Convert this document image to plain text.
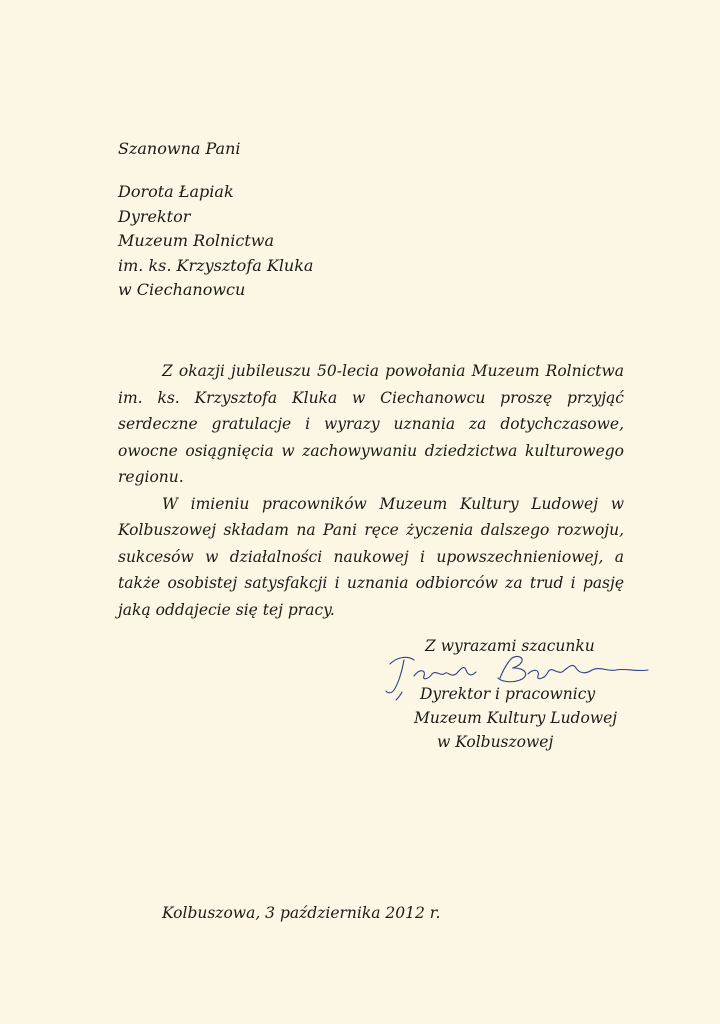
Szanowna Pani
Dorota Łapiak
Dyrektor
Muzeum Rolnictwa
im. ks. Krzysztofa Kluka
w Ciechanowcu

Z okazji jubileuszu 50-lecia powołania Muzeum Rolnictwa im. ks. Krzysztofa Kluka w Ciechanowcu proszę przyjąć serdeczne gratulacje i wyrazy uznania za dotychczasowe, owocne osiągnięcia w zachowywaniu dziedzictwa kulturowego regionu.

W imieniu pracowników Muzeum Kultury Ludowej w Kolbuszowej składam na Pani ręce życzenia dalszego rozwoju, sukcesów w działalności naukowej i upowszechnieniowej, a także osobistej satysfakcji i uznania odbiorców za trud i pasję jaką oddajecie się tej pracy.

Z wyrazami szacunku
Dyrektor i pracownicy
Muzeum Kultury Ludowej
w Kolbuszowej
Kolbuszowa, 3 października 2012 r.
